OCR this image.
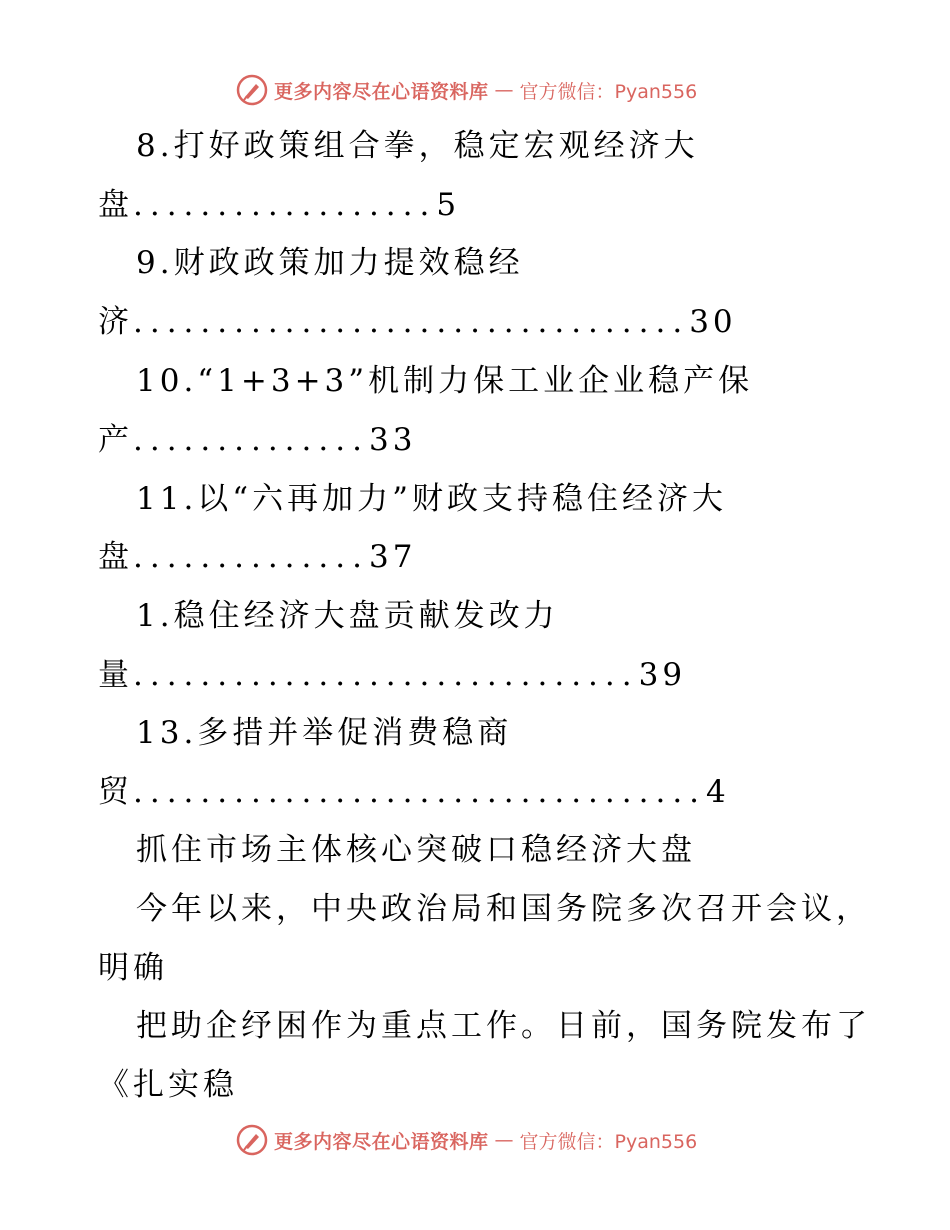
更多内容尽在心语资料库 — 官方微信：Pyan556
8.打好政策组合拳，稳定宏观经济大
盘..................5
9.财政政策加力提效稳经
济.................................30
10.“1+3+3”机制力保工业企业稳产保
产..............33
11.以“六再加力”财政支持稳住经济大
盘..............37
1.稳住经济大盘贡献发改力
量..............................39
13.多措并举促消费稳商
贸..................................4
抓住市场主体核心突破口稳经济大盘
今年以来，中央政治局和国务院多次召开会议，
明确
把助企纾困作为重点工作。日前，国务院发布了
《扎实稳
更多内容尽在心语资料库 — 官方微信：Pyan556
